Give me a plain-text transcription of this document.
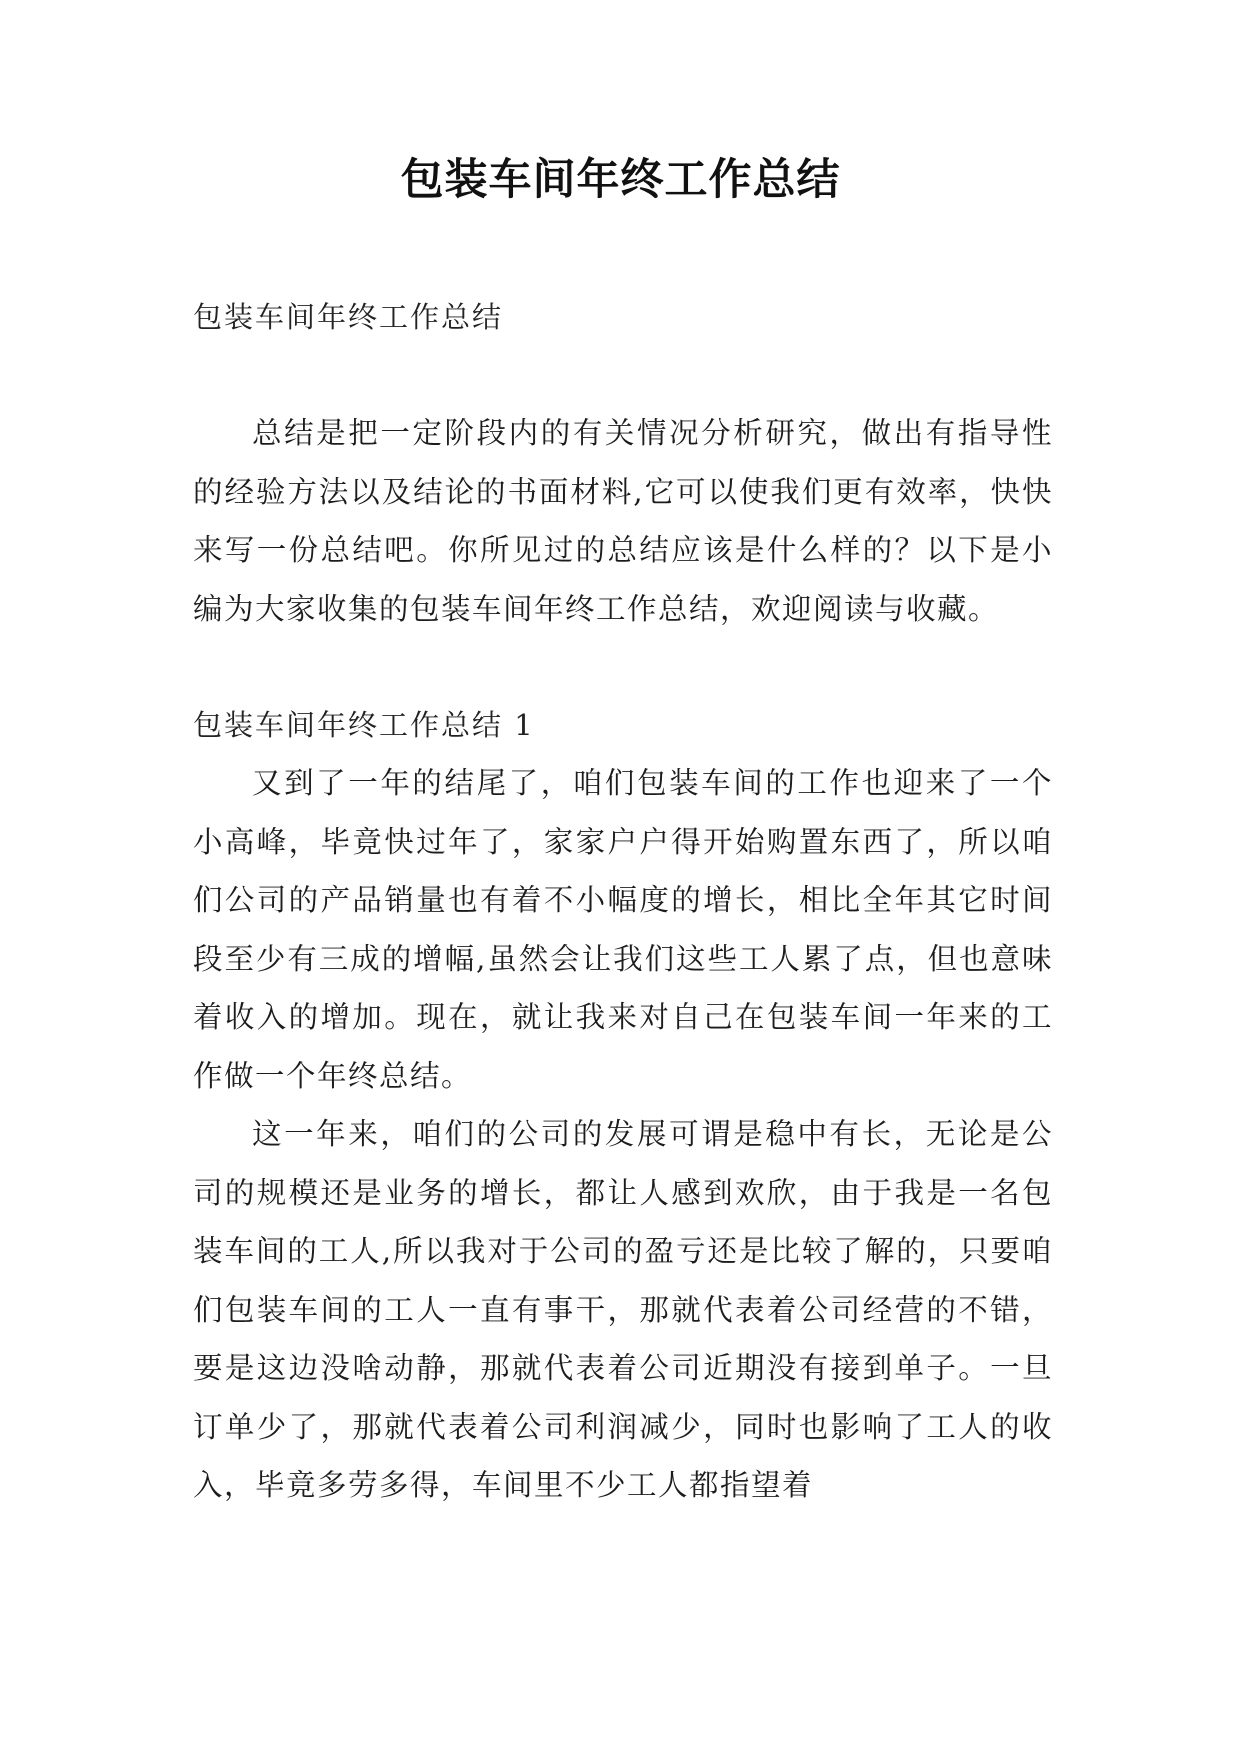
包装车间年终工作总结

包装车间年终工作总结

总结是把一定阶段内的有关情况分析研究，做出有指导性的经验方法以及结论的书面材料,它可以使我们更有效率，快快来写一份总结吧。你所见过的总结应该是什么样的？以下是小编为大家收集的包装车间年终工作总结，欢迎阅读与收藏。

包装车间年终工作总结 1

又到了一年的结尾了，咱们包装车间的工作也迎来了一个小高峰，毕竟快过年了，家家户户得开始购置东西了，所以咱们公司的产品销量也有着不小幅度的增长，相比全年其它时间段至少有三成的增幅,虽然会让我们这些工人累了点，但也意味着收入的增加。现在，就让我来对自己在包装车间一年来的工作做一个年终总结。

这一年来，咱们的公司的发展可谓是稳中有长，无论是公司的规模还是业务的增长，都让人感到欢欣，由于我是一名包装车间的工人,所以我对于公司的盈亏还是比较了解的，只要咱们包装车间的工人一直有事干，那就代表着公司经营的不错，要是这边没啥动静，那就代表着公司近期没有接到单子。一旦订单少了，那就代表着公司利润减少，同时也影响了工人的收入，毕竟多劳多得，车间里不少工人都指望着
